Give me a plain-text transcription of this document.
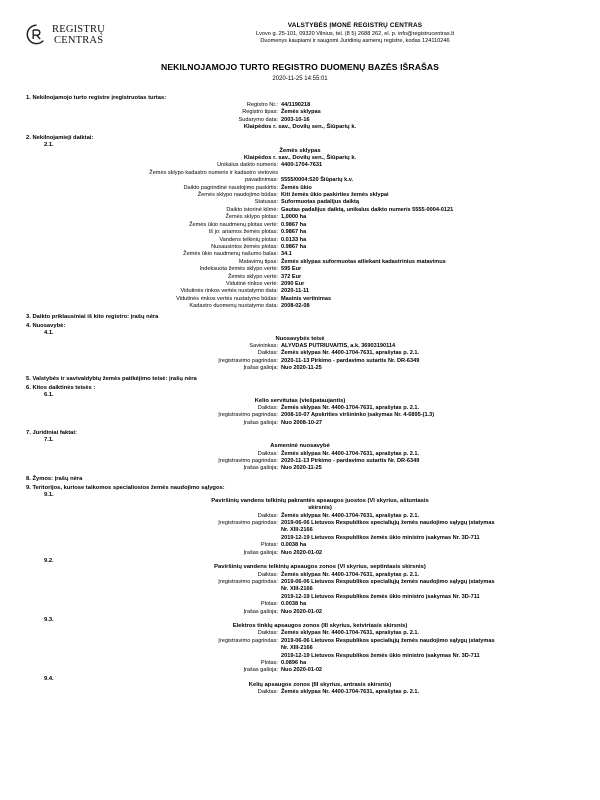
REGISTRŲ
CENTRAS
VALSTYBĖS ĮMONĖ REGISTRŲ CENTRAS
Lvovo g. 25-101, 09320 Vilnius, tel. (8 5) 2688 262, el. p. info@registrucentras.lt
Duomenys kaupiami ir saugomi Juridinių asmenų registre, kodas 124110246
NEKILNOJAMOJO TURTO REGISTRO DUOMENŲ BAZĖS IŠRAŠAS
2020-11-25 14:55:01
1. Nekilnojamojo turto registre įregistruotas turtas:
Registro Nr.: 44/1190218
Registro tipas: Žemės sklypas
Sudarymo data: 2003-10-16
Klaipėdos r. sav., Dovilų sen., Šiūparių k.
2. Nekilnojamieji daiktai:
2.1.
Žemės sklypas
Klaipėdos r. sav., Dovilų sen., Šiūparių k.
Unikalus daikto numeris: 4400-1704-7631
Žemės sklypo kadastro numeris ir kadastro vietovės
pavadinimas: 5555/0004:520 Šiūparių k.v.
Daikto pagrindinė naudojimo paskirtis: Žemės ūkio
Žemės sklypo naudojimo būdas: Kiti žemės ūkio paskirties žemės sklypai
Statusas: Suformuotas padalijus daiktą
Daikto istorinė kilmė: Gautas padalijus daiktą, unikalus daikto numeris 5555-0004-0121
Žemės sklypo plotas: 1,0000 ha
Žemės ūkio naudmenų plotas vertė: 0.9867 ha
Iš jo: ariamos žemės plotas: 0.9867 ha
Vandens telkinių plotas: 0.0133 ha
Nusausintos žemės plotas: 0.9867 ha
Žemės ūkio naudmenų našumo balas: 34.1
Matavimų tipas: Žemės sklypas suformuotas atliekant kadastrinius matavimus
Indeksuota žemės sklypo vertė: 595 Eur
Žemės sklypo vertė: 372 Eur
Vidutinė rinkos vertė: 2090 Eur
Vidutinės rinkos vertės nustatymo data: 2020-11-11
Vidutinės rinkos vertės nustatymo būdas: Masinis vertinimas
Kadastro duomenų nustatymo data: 2008-02-08
3. Daikto priklausiniai iš kito registro: įrašų nėra
4. Nuosavybė:
4.1.
Nuosavybės teisė
Savininkas: ALYVDAS PUTRIUVAITIS, a.k. 36903190114
Daiktas: Žemės sklypas Nr. 4400-1704-7631, aprašytas p. 2.1.
Įregistravimo pagrindas: 2020-11-13 Pirkimo - pardavimo sutartis Nr. DR-6349
Įrašas galioja: Nuo 2020-11-25
5. Valstybės ir savivaldybių žemės patikėjimo teisė: įrašų nėra
6. Kitos daiktinės teisės :
6.1.
Kelio servitutas (viešpataujantis)
Daiktas: Žemės sklypas Nr. 4400-1704-7631, aprašytas p. 2.1.
Įregistravimo pagrindas: 2008-10-07 Apskrities viršininko įsakymas Nr. 4-6895-(1.3)
Įrašas galioja: Nuo 2008-10-27
7. Juridiniai faktai:
7.1.
Asmeninė nuosavybė
Daiktas: Žemės sklypas Nr. 4400-1704-7631, aprašytas p. 2.1.
Įregistravimo pagrindas: 2020-11-13 Pirkimo - pardavimo sutartis Nr. DR-6349
Įrašas galioja: Nuo 2020-11-25
8. Žymos: įrašų nėra
9. Teritorijos, kuriose taikomos specialiosios žemės naudojimo sąlygos:
9.1.
Paviršinių vandens telkinių pakrantės apsaugos juostos (VI skyrius, aštuntasis
skirsnis)
Daiktas: Žemės sklypas Nr. 4400-1704-7631, aprašytas p. 2.1.
Įregistravimo pagrindas: 2019-06-06 Lietuvos Respublikos specialiųjų žemės naudojimo sąlygų įstatymas
Nr. XIII-2166
2019-12-19 Lietuvos Respublikos žemės ūkio ministro įsakymas Nr. 3D-711
Plotas: 0.0038 ha
Įrašas galioja: Nuo 2020-01-02
9.2.
Paviršinių vandens telkinių apsaugos zonos (VI skyrius, septintasis skirsnis)
Daiktas: Žemės sklypas Nr. 4400-1704-7631, aprašytas p. 2.1.
Įregistravimo pagrindas: 2019-06-06 Lietuvos Respublikos specialiųjų žemės naudojimo sąlygų įstatymas
Nr. XIII-2166
2019-12-19 Lietuvos Respublikos žemės ūkio ministro įsakymas Nr. 3D-711
Plotas: 0.0038 ha
Įrašas galioja: Nuo 2020-01-02
9.3.
Elektros tinklų apsaugos zonos (III skyrius, ketvirtasis skirsnis)
Daiktas: Žemės sklypas Nr. 4400-1704-7631, aprašytas p. 2.1.
Įregistravimo pagrindas: 2019-06-06 Lietuvos Respublikos specialiųjų žemės naudojimo sąlygų įstatymas
Nr. XIII-2166
2019-12-19 Lietuvos Respublikos žemės ūkio ministro įsakymas Nr. 3D-711
Plotas: 0.0896 ha
Įrašas galioja: Nuo 2020-01-02
9.4.
Kelių apsaugos zonos (III skyrius, antrasis skirsnis)
Daiktas: Žemės sklypas Nr. 4400-1704-7631, aprašytas p. 2.1.
